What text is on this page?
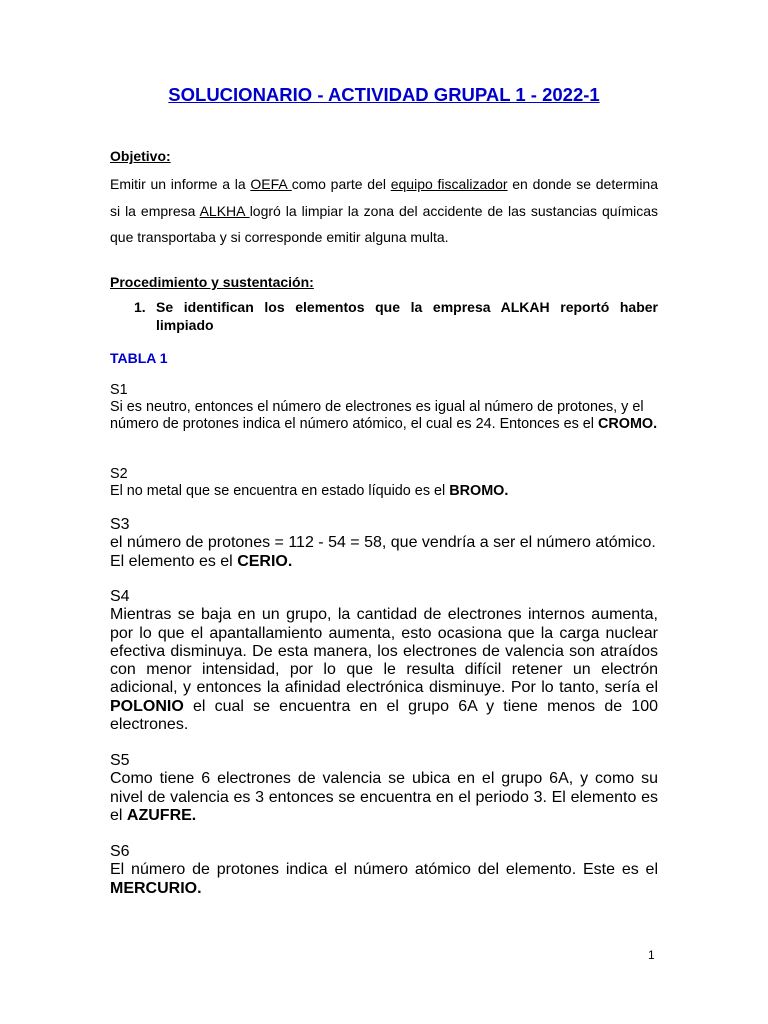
SOLUCIONARIO - ACTIVIDAD GRUPAL 1 - 2022-1

Objetivo:

Emitir un informe a la OEFA como parte del equipo fiscalizador en donde se determina si la empresa ALKHA logró la limpiar la zona del accidente de las sustancias químicas que transportaba y si corresponde emitir alguna multa.

Procedimiento y sustentación:

1. Se identifican los elementos que la empresa ALKAH reportó haber limpiado

TABLA 1

S1
Si es neutro, entonces el número de electrones es igual al número de protones, y el número de protones indica el número atómico, el cual es 24. Entonces es el CROMO.
S2
El no metal que se encuentra en estado líquido es el BROMO.
S3
el número de protones = 112 - 54 = 58, que vendría a ser el número atómico. El elemento es el CERIO.
S4
Mientras se baja en un grupo, la cantidad de electrones internos aumenta, por lo que el apantallamiento aumenta, esto ocasiona que la carga nuclear efectiva disminuya. De esta manera, los electrones de valencia son atraídos con menor intensidad, por lo que le resulta difícil retener un electrón adicional, y entonces la afinidad electrónica disminuye. Por lo tanto, sería el POLONIO el cual se encuentra en el grupo 6A y tiene menos de 100 electrones.
S5
Como tiene 6 electrones de valencia se ubica en el grupo 6A, y como su nivel de valencia es 3 entonces se encuentra en el periodo 3. El elemento es el AZUFRE.
S6
El número de protones indica el número atómico del elemento. Este es el MERCURIO.

1
